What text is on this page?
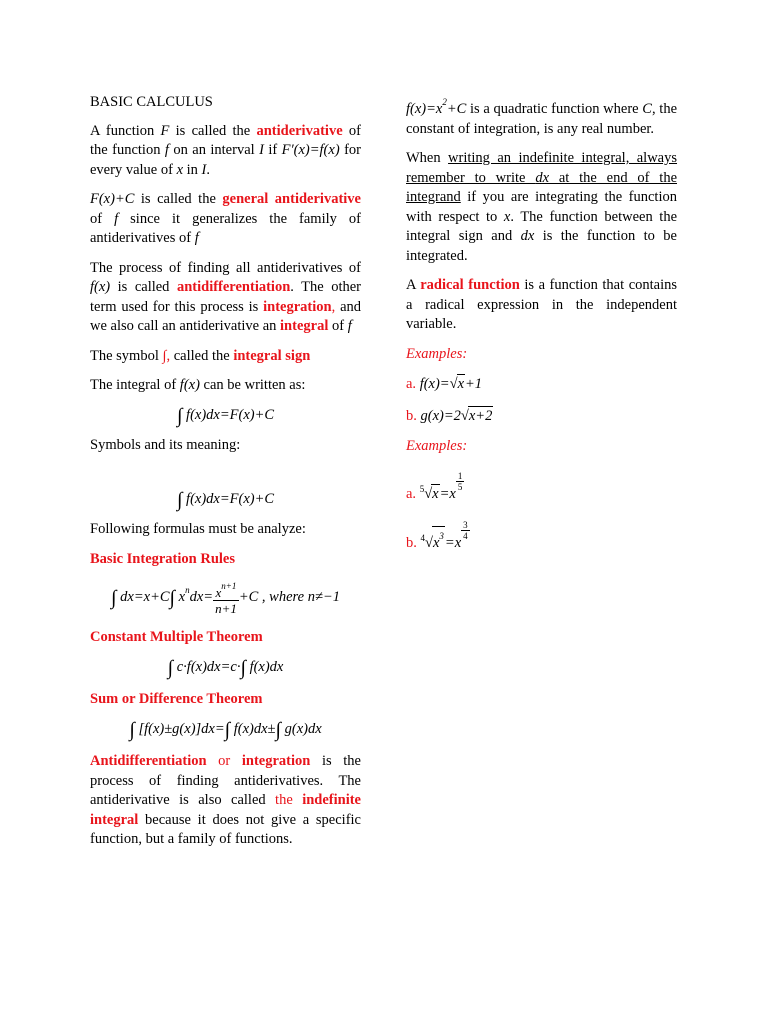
BASIC CALCULUS

A function F is called the antiderivative of the function f on an interval I if F′(x)=f(x) for every value of x in I.

F(x)+C is called the general antiderivative of f since it generalizes the family of antiderivatives of f

The process of finding all antiderivatives of f(x) is called antidifferentiation. The other term used for this process is integration, and we also call an antiderivative an integral of f

The symbol ∫, called the integral sign

The integral of f(x) can be written as:

∫ f(x)dx=F(x)+C

Symbols and its meaning:

∫ f(x)dx=F(x)+C

Following formulas must be analyze:

Basic Integration Rules
∫ dx=x+C∫ $x^ndx= \frac{x^{n+1}}{n+1} +C$ , where n≠−1
Constant Multiple Theorem
∫ c·f(x)dx=c·∫ f(x)dx
Sum or Difference Theorem
∫ [f(x)±g(x)]dx=∫ f(x)dx±∫ g(x)dx

Antidifferentiation or integration is the process of finding antiderivatives. The antiderivative is also called the indefinite integral because it does not give a specific function, but a family of functions.

$f(x)=x^2+C$ is a quadratic function where C, the constant of integration, is any real number.

When writing an indefinite integral, always remember to write dx at the end of the integrand if you are integrating the function with respect to x. The function between the integral sign and dx is the function to be integrated.

A radical function is a function that contains a radical expression in the independent variable.

Examples:

a. f(x)=√x+1

b. g(x)=2√x+2

Examples:

a. $^5$√x=x
$\frac{1}{5}$

b. $^4√x^3=x$
$\frac{3}{4}$
